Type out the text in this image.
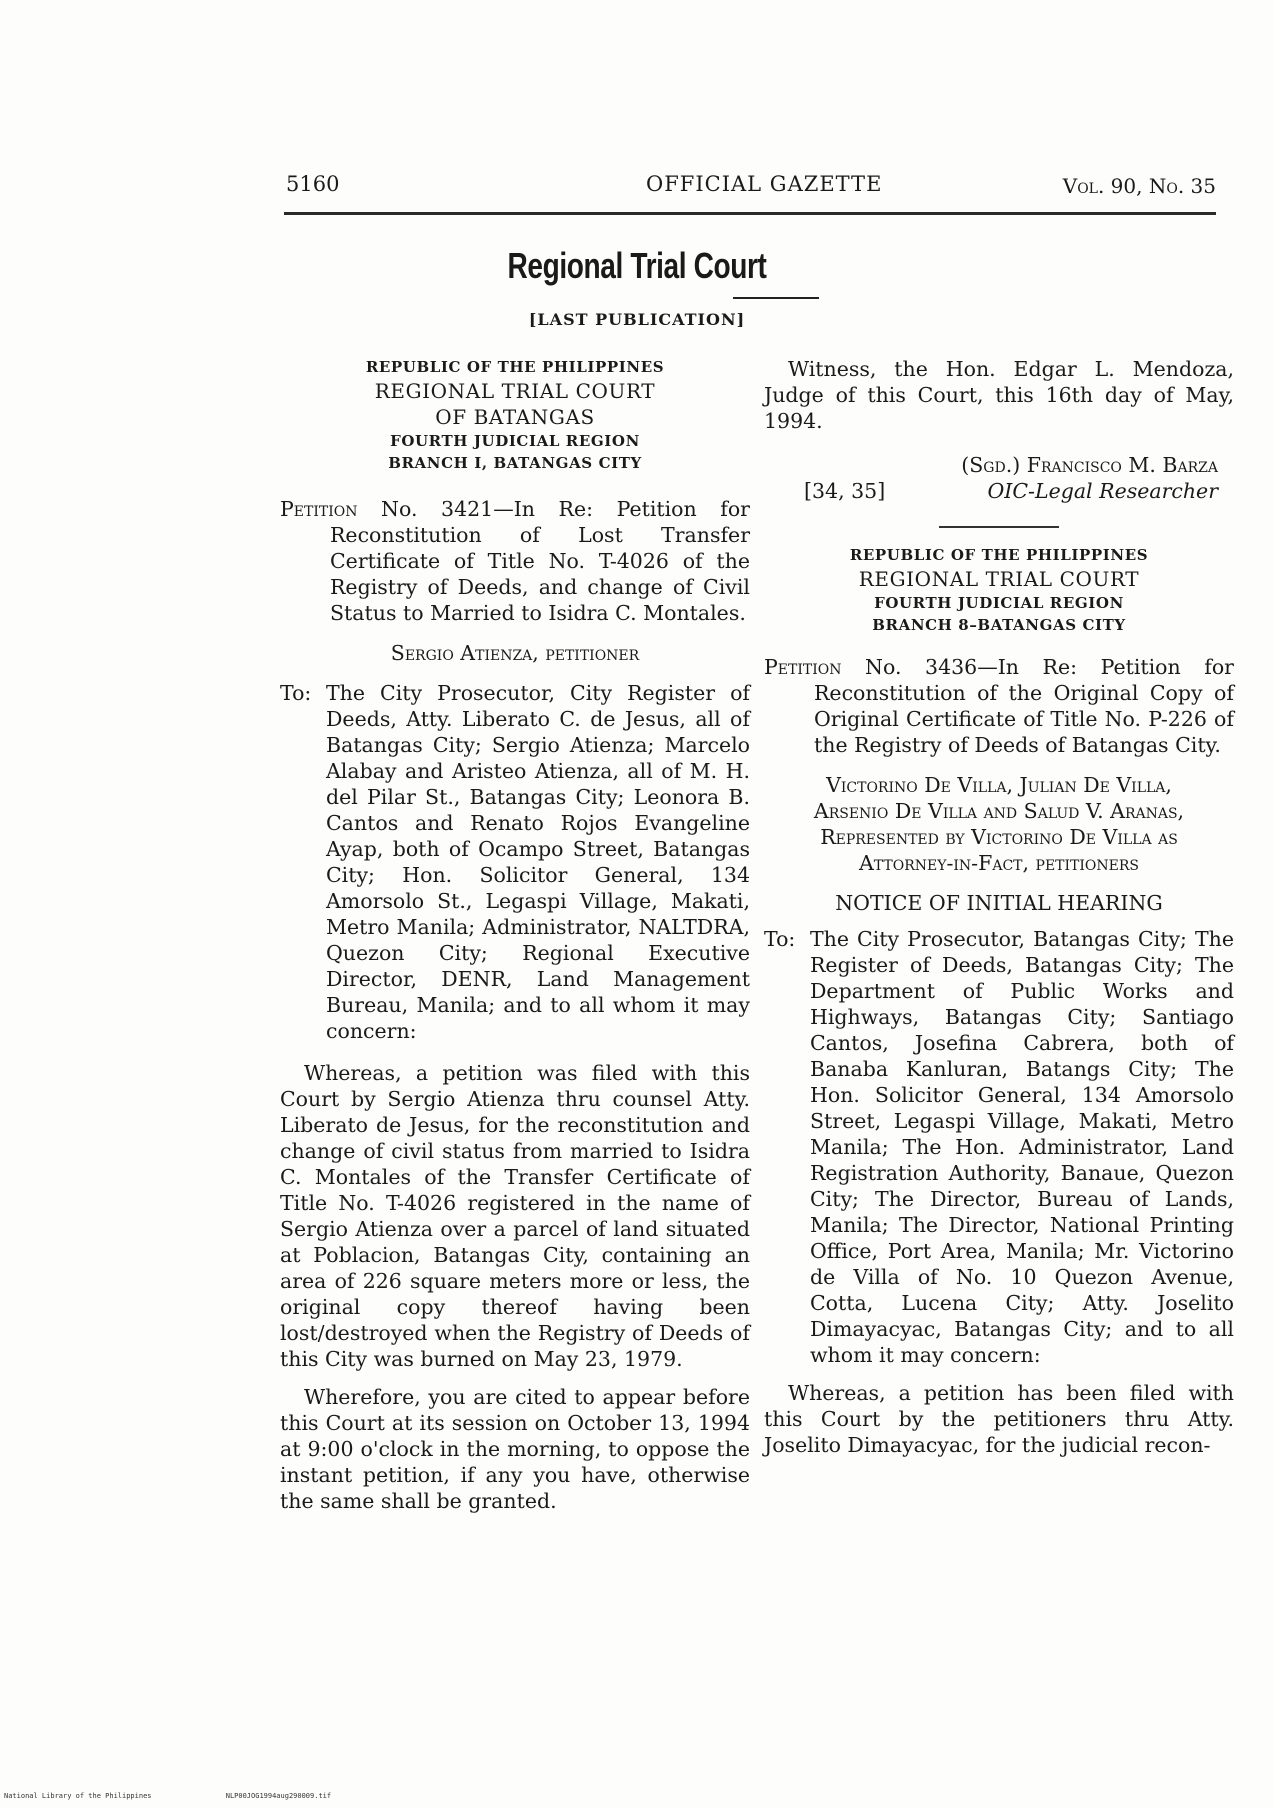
5160	OFFICIAL GAZETTE	Vol. 90, No. 35
Regional Trial Court
[LAST PUBLICATION]
REPUBLIC OF THE PHILIPPINES
REGIONAL TRIAL COURT
OF BATANGAS
FOURTH JUDICIAL REGION
BRANCH I, BATANGAS CITY

Petition No. 3421—In Re: Petition for Reconstitution of Lost Transfer Certificate of Title No. T-4026 of the Registry of Deeds, and change of Civil Status to Married to Isidra C. Montales.

Sergio Atienza, petitioner

To: The City Prosecutor, City Register of Deeds, Atty. Liberato C. de Jesus, all of Batangas City; Sergio Atienza; Marcelo Alabay and Aristeo Atienza, all of M. H. del Pilar St., Batangas City; Leonora B. Cantos and Renato Rojos Evangeline Ayap, both of Ocampo Street, Batangas City; Hon. Solicitor General, 134 Amorsolo St., Legaspi Village, Makati, Metro Manila; Administrator, NALTDRA, Quezon City; Regional Executive Director, DENR, Land Management Bureau, Manila; and to all whom it may concern:

Whereas, a petition was filed with this Court by Sergio Atienza thru counsel Atty. Liberato de Jesus, for the reconstitution and change of civil status from married to Isidra C. Montales of the Transfer Certificate of Title No. T-4026 registered in the name of Sergio Atienza over a parcel of land situated at Poblacion, Batangas City, containing an area of 226 square meters more or less, the original copy thereof having been lost/destroyed when the Registry of Deeds of this City was burned on May 23, 1979.

Wherefore, you are cited to appear before this Court at its session on October 13, 1994 at 9:00 o'clock in the morning, to oppose the instant petition, if any you have, otherwise the same shall be granted.

Witness, the Hon. Edgar L. Mendoza, Judge of this Court, this 16th day of May, 1994.

(Sgd.) Francisco M. Barza
[34, 35]	OIC-Legal Researcher
REPUBLIC OF THE PHILIPPINES
REGIONAL TRIAL COURT
FOURTH JUDICIAL REGION
BRANCH 8–BATANGAS CITY

Petition No. 3436—In Re: Petition for Reconstitution of the Original Copy of Original Certificate of Title No. P-226 of the Registry of Deeds of Batangas City.

Victorino De Villa, Julian De Villa,
Arsenio De Villa and Salud V. Aranas,
Represented by Victorino De Villa as
Attorney-in-Fact, petitioners

NOTICE OF INITIAL HEARING

To: The City Prosecutor, Batangas City; The Register of Deeds, Batangas City; The Department of Public Works and Highways, Batangas City; Santiago Cantos, Josefina Cabrera, both of Banaba Kanluran, Batangs City; The Hon. Solicitor General, 134 Amorsolo Street, Legaspi Village, Makati, Metro Manila; The Hon. Administrator, Land Registration Authority, Banaue, Quezon City; The Director, Bureau of Lands, Manila; The Director, National Printing Office, Port Area, Manila; Mr. Victorino de Villa of No. 10 Quezon Avenue, Cotta, Lucena City; Atty. Joselito Dimayacyac, Batangas City; and to all whom it may concern:

Whereas, a petition has been filed with this Court by the petitioners thru Atty. Joselito Dimayacyac, for the judicial recon-

National Library of the Philippines	NLP00JOG1994aug290009.tif
